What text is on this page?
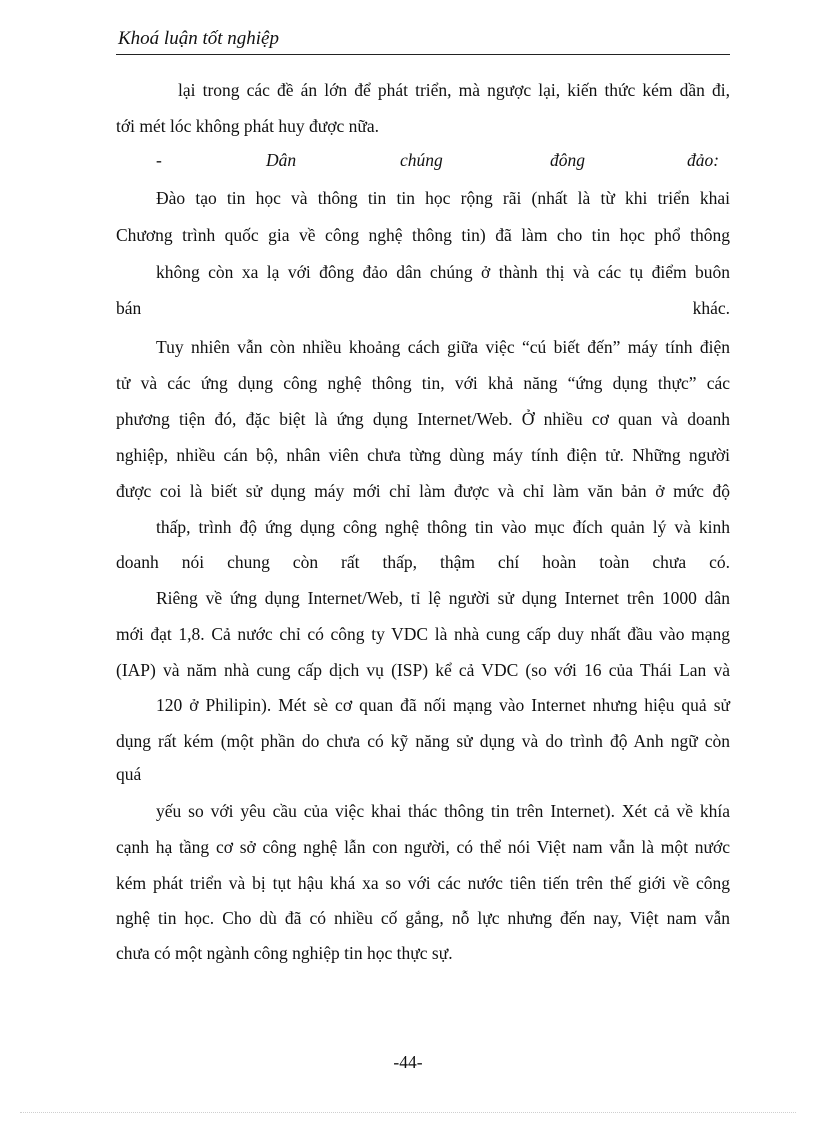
Khoá luận tốt nghiệp
lại trong các đề án lớn để phát triển, mà ngược lại, kiến thức kém dần đi,
tới mét lóc không phát huy được nữa.
-	Dân	chúng	đông	đảo:
Đào tạo tin học và thông tin tin học rộng rãi (nhất là từ khi triển khai
Chương trình quốc gia về công nghệ thông tin) đã làm cho tin học phổ thông
không còn xa lạ với đông đảo dân chúng ở thành thị và các tụ điểm buôn
bán	khác.
Tuy nhiên vẫn còn nhiều khoảng cách giữa việc “cú biết đến” máy tính điện
tử và các ứng dụng công nghệ thông tin, với khả năng “ứng dụng thực” các
phương tiện đó, đặc biệt là ứng dụng Internet/Web. Ở nhiều cơ quan và doanh
nghiệp, nhiều cán bộ, nhân viên chưa từng dùng máy tính điện tử. Những người
được coi là biết sử dụng máy mới chỉ làm được và chỉ làm văn bản ở mức độ
thấp, trình độ ứng dụng công nghệ thông tin vào mục đích quản lý và kinh
doanh nói chung còn rất thấp, thậm chí hoàn toàn chưa có.
Riêng về ứng dụng Internet/Web, tỉ lệ người sử dụng Internet trên 1000 dân
mới đạt 1,8. Cả nước chỉ có công ty VDC là nhà cung cấp duy nhất đầu vào mạng
(IAP) và năm nhà cung cấp dịch vụ (ISP) kể cả VDC (so với 16 của Thái Lan và
120 ở Philipin). Mét sè cơ quan đã nối mạng vào Internet nhưng hiệu quả sử
dụng rất kém (một phần do chưa có kỹ năng sử dụng và do trình độ Anh ngữ còn
quá
yếu so với yêu cầu của việc khai thác thông tin trên Internet). Xét cả về khía
cạnh hạ tầng cơ sở công nghệ lẫn con người, có thể nói Việt nam vẫn là một nước
kém phát triển và bị tụt hậu khá xa so với các nước tiên tiến trên thế giới về công
nghệ tin học. Cho dù đã có nhiều cố gắng, nỗ lực nhưng đến nay, Việt nam vẫn
chưa có một ngành công nghiệp tin học thực sự.
-44-
